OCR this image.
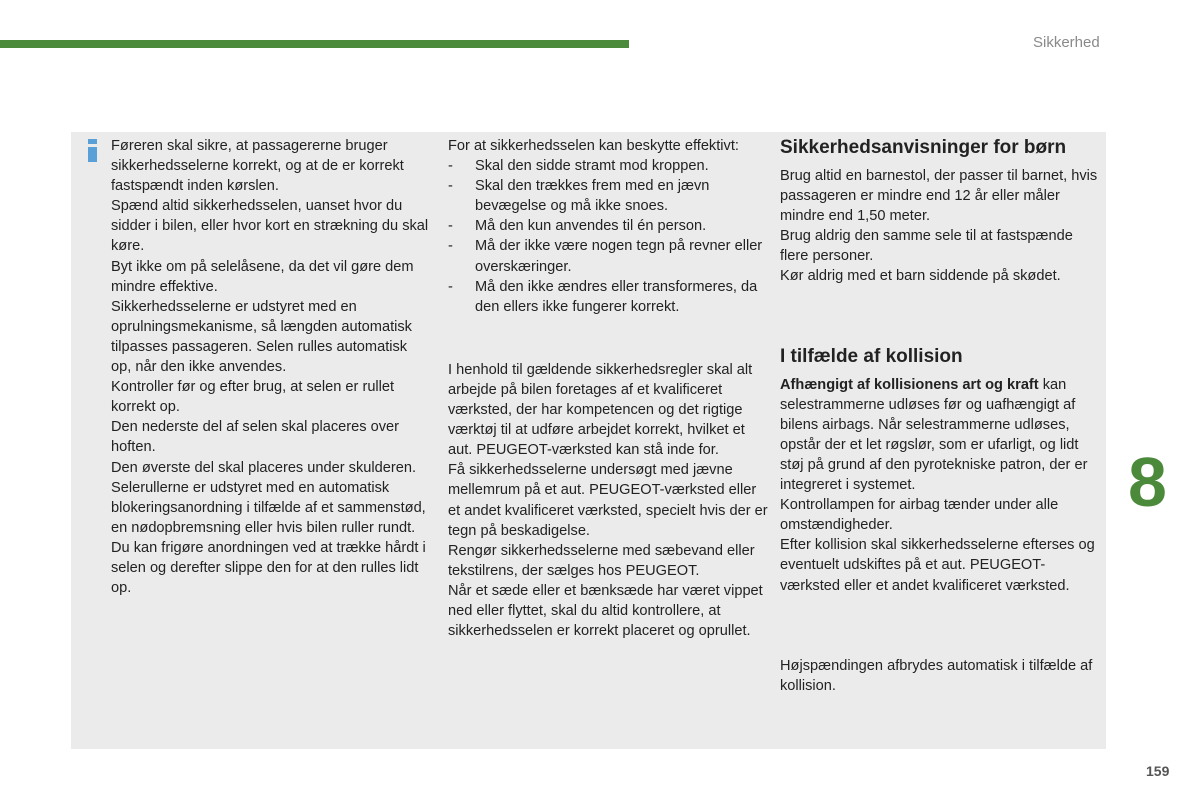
Sikkerhed

Føreren skal sikre, at passagererne bruger sikkerhedsselerne korrekt, og at de er korrekt fastspændt inden kørslen.

Spænd altid sikkerhedsselen, uanset hvor du sidder i bilen, eller hvor kort en strækning du skal køre.

Byt ikke om på selelåsene, da det vil gøre dem mindre effektive.

Sikkerhedsselerne er udstyret med en oprulningsmekanisme, så længden automatisk tilpasses passageren. Selen rulles automatisk op, når den ikke anvendes.

Kontroller før og efter brug, at selen er rullet korrekt op.

Den nederste del af selen skal placeres over hoften.

Den øverste del skal placeres under skulderen.

Selerullerne er udstyret med en automatisk blokeringsanordning i tilfælde af et sammenstød, en nødopbremsning eller hvis bilen ruller rundt. Du kan frigøre anordningen ved at trække hårdt i selen og derefter slippe den for at den rulles lidt op.

For at sikkerhedsselen kan beskytte effektivt:

- Skal den sidde stramt mod kroppen.
- Skal den trækkes frem med en jævn bevægelse og må ikke snoes.
- Må den kun anvendes til én person.
- Må der ikke være nogen tegn på revner eller overskæringer.
- Må den ikke ændres eller transformeres, da den ellers ikke fungerer korrekt.

I henhold til gældende sikkerhedsregler skal alt arbejde på bilen foretages af et kvalificeret værksted, der har kompetencen og det rigtige værktøj til at udføre arbejdet korrekt, hvilket et aut. PEUGEOT-værksted kan stå inde for.

Få sikkerhedsselerne undersøgt med jævne mellemrum på et aut. PEUGEOT-værksted eller et andet kvalificeret værksted, specielt hvis der er tegn på beskadigelse.

Rengør sikkerhedsselerne med sæbevand eller tekstilrens, der sælges hos PEUGEOT.

Når et sæde eller et bænksæde har været vippet ned eller flyttet, skal du altid kontrollere, at sikkerhedsselen er korrekt placeret og oprullet.

Sikkerhedsanvisninger for børn

Brug altid en barnestol, der passer til barnet, hvis passageren er mindre end 12 år eller måler mindre end 1,50 meter.

Brug aldrig den samme sele til at fastspænde flere personer.

Kør aldrig med et barn siddende på skødet.

I tilfælde af kollision

Afhængigt af kollisionens art og kraft kan selestrammerne udløses før og uafhængigt af bilens airbags. Når selestrammerne udløses, opstår der et let røgslør, som er ufarligt, og lidt støj på grund af den pyrotekniske patron, der er integreret i systemet.

Kontrollampen for airbag tænder under alle omstændigheder.

Efter kollision skal sikkerhedsselerne efterses og eventuelt udskiftes på et aut. PEUGEOT-værksted eller et andet kvalificeret værksted.

Højspændingen afbrydes automatisk i tilfælde af kollision.

8
159
